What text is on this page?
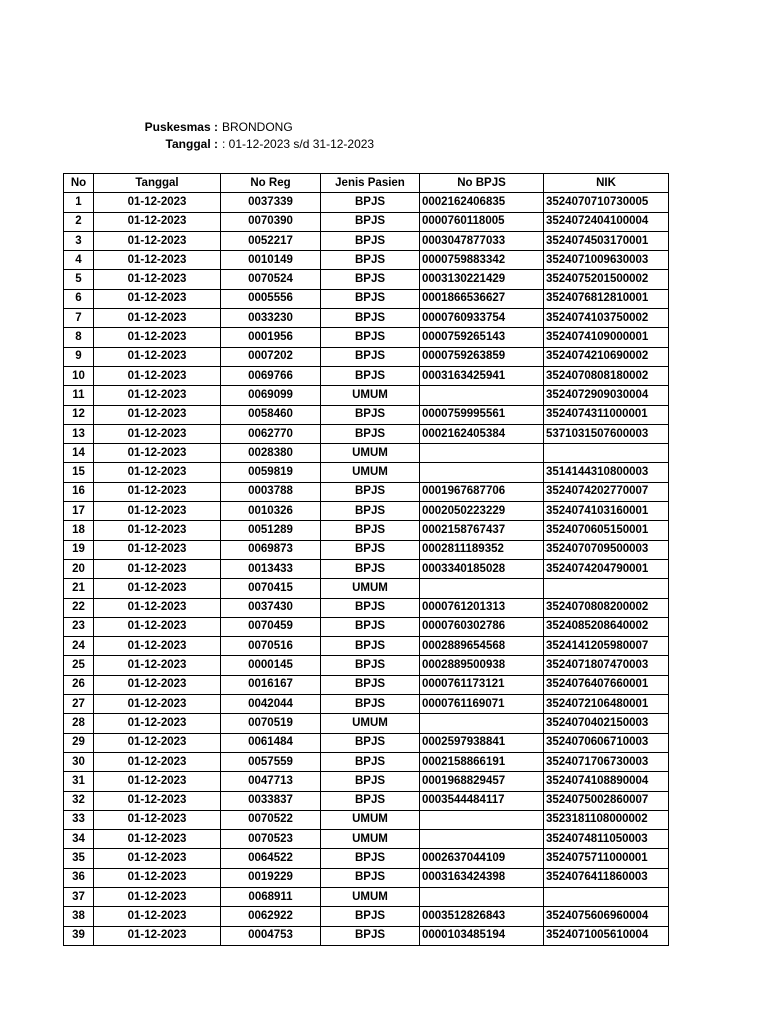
Puskesmas : BRONDONG
Tanggal : : 01-12-2023 s/d 31-12-2023
No	Tanggal	No Reg	Jenis Pasien	No BPJS	NIK
1	01-12-2023	0037339	BPJS	0002162406835	3524070710730005
2	01-12-2023	0070390	BPJS	0000760118005	3524072404100004
3	01-12-2023	0052217	BPJS	0003047877033	3524074503170001
4	01-12-2023	0010149	BPJS	0000759883342	3524071009630003
5	01-12-2023	0070524	BPJS	0003130221429	3524075201500002
6	01-12-2023	0005556	BPJS	0001866536627	3524076812810001
7	01-12-2023	0033230	BPJS	0000760933754	3524074103750002
8	01-12-2023	0001956	BPJS	0000759265143	3524074109000001
9	01-12-2023	0007202	BPJS	0000759263859	3524074210690002
10	01-12-2023	0069766	BPJS	0003163425941	3524070808180002
11	01-12-2023	0069099	UMUM		3524072909030004
12	01-12-2023	0058460	BPJS	0000759995561	3524074311000001
13	01-12-2023	0062770	BPJS	0002162405384	5371031507600003
14	01-12-2023	0028380	UMUM		
15	01-12-2023	0059819	UMUM		3514144310800003
16	01-12-2023	0003788	BPJS	0001967687706	3524074202770007
17	01-12-2023	0010326	BPJS	0002050223229	3524074103160001
18	01-12-2023	0051289	BPJS	0002158767437	3524070605150001
19	01-12-2023	0069873	BPJS	0002811189352	3524070709500003
20	01-12-2023	0013433	BPJS	0003340185028	3524074204790001
21	01-12-2023	0070415	UMUM		
22	01-12-2023	0037430	BPJS	0000761201313	3524070808200002
23	01-12-2023	0070459	BPJS	0000760302786	3524085208640002
24	01-12-2023	0070516	BPJS	0002889654568	3524141205980007
25	01-12-2023	0000145	BPJS	0002889500938	3524071807470003
26	01-12-2023	0016167	BPJS	0000761173121	3524076407660001
27	01-12-2023	0042044	BPJS	0000761169071	3524072106480001
28	01-12-2023	0070519	UMUM		3524070402150003
29	01-12-2023	0061484	BPJS	0002597938841	3524070606710003
30	01-12-2023	0057559	BPJS	0002158866191	3524071706730003
31	01-12-2023	0047713	BPJS	0001968829457	3524074108890004
32	01-12-2023	0033837	BPJS	0003544484117	3524075002860007
33	01-12-2023	0070522	UMUM		3523181108000002
34	01-12-2023	0070523	UMUM		3524074811050003
35	01-12-2023	0064522	BPJS	0002637044109	3524075711000001
36	01-12-2023	0019229	BPJS	0003163424398	3524076411860003
37	01-12-2023	0068911	UMUM		
38	01-12-2023	0062922	BPJS	0003512826843	3524075606960004
39	01-12-2023	0004753	BPJS	0000103485194	3524071005610004
